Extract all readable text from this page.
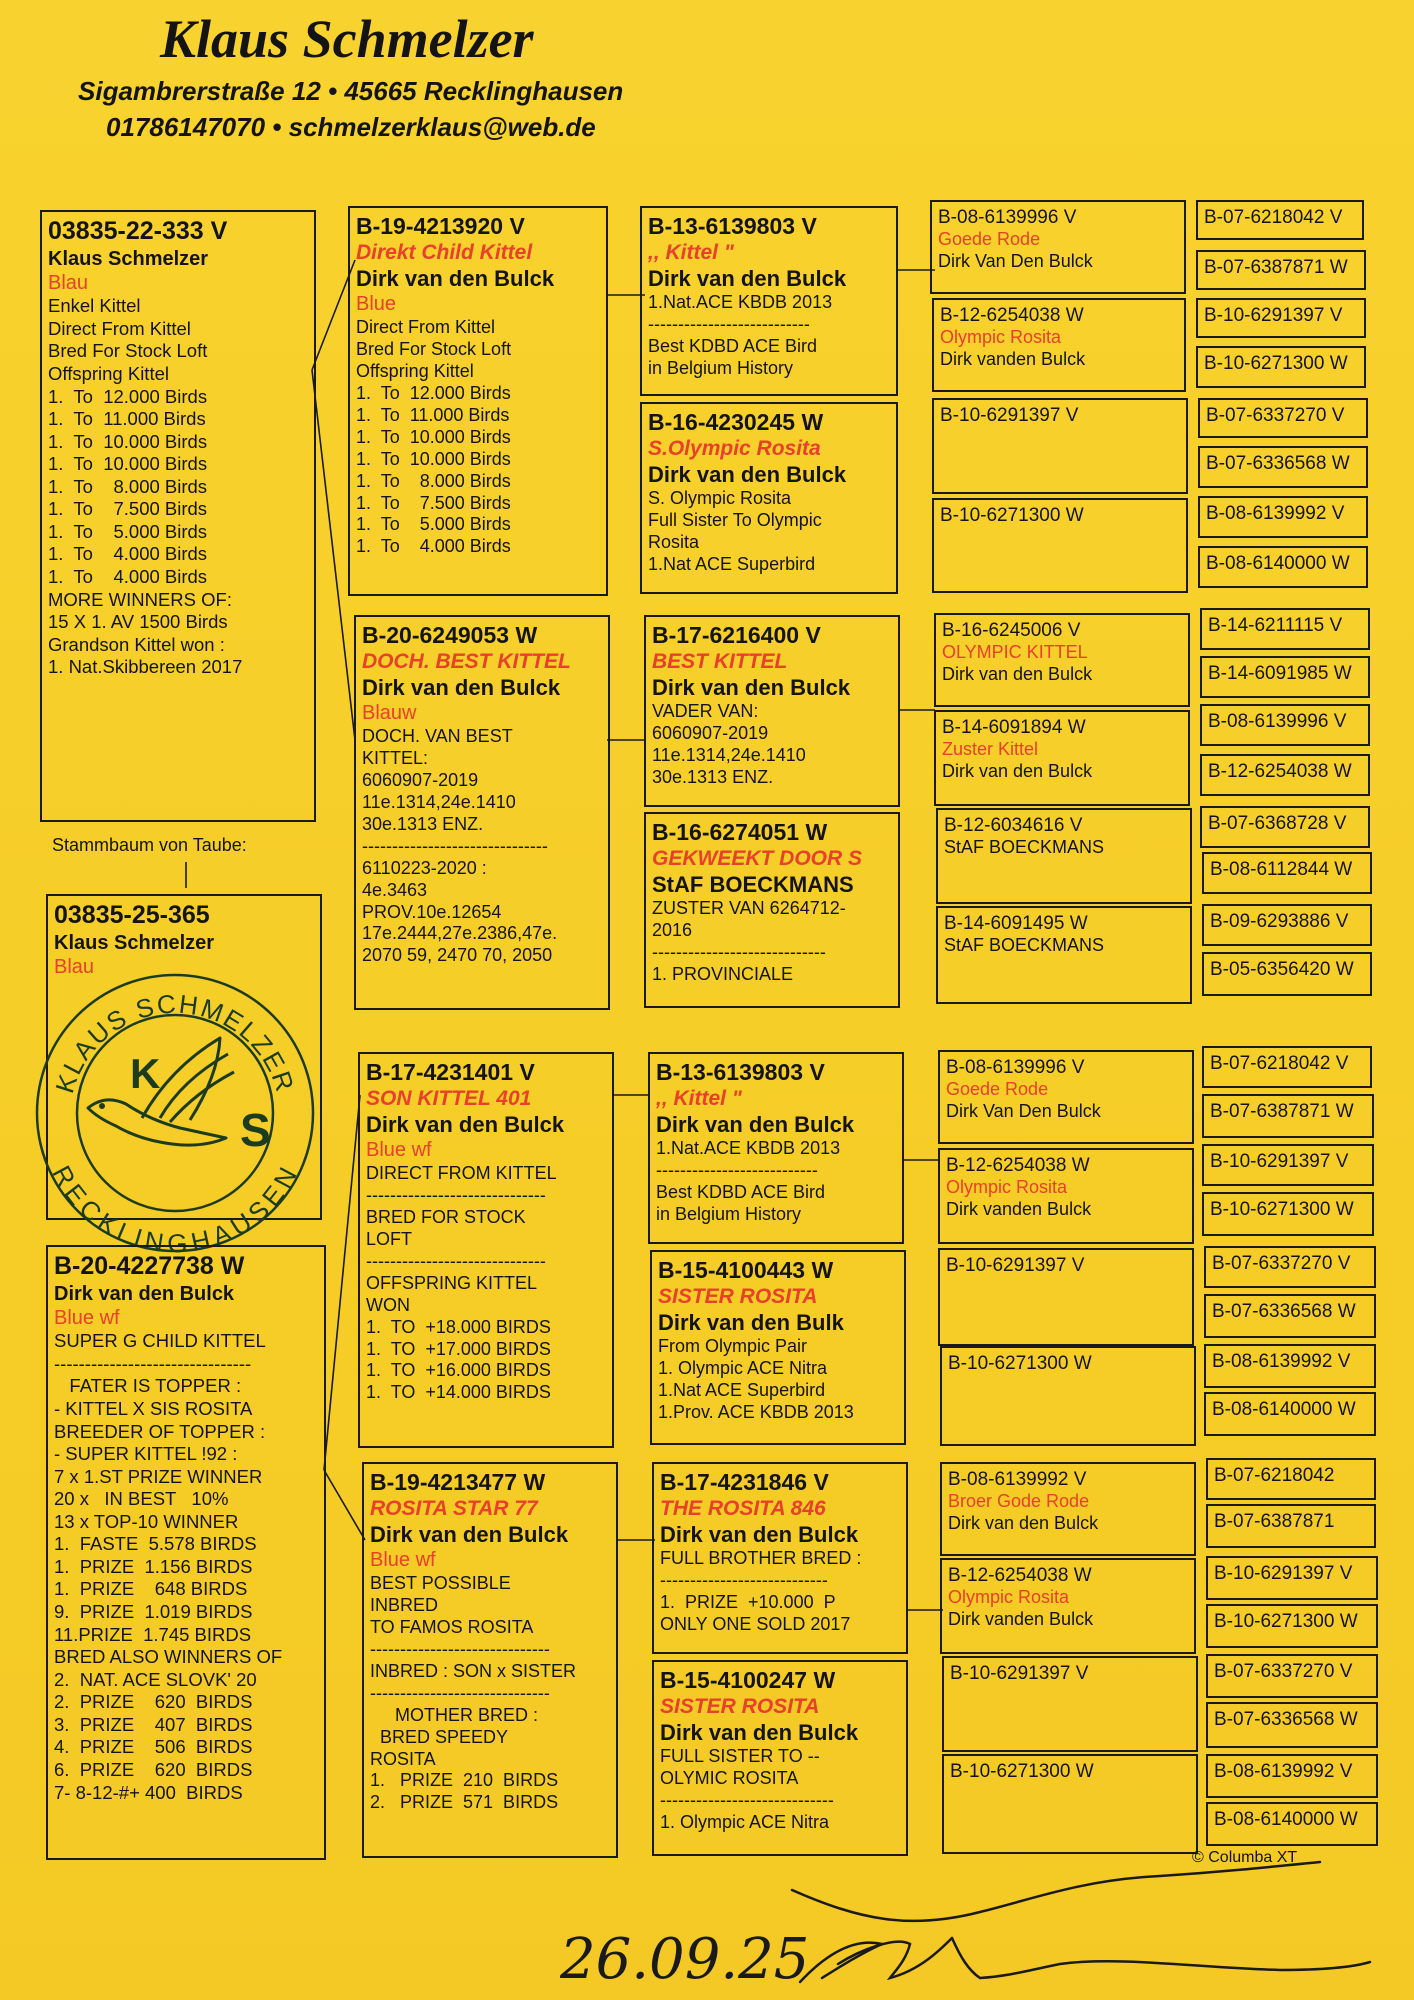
Klaus Schmelzer
Sigambrerstraße 12 • 45665 Recklinghausen
01786147070 • schmelzerklaus@web.de
03835-22-333 V
Klaus Schmelzer
Blau
Enkel Kittel
Direct From Kittel
Bred For Stock Loft
Offspring Kittel
1.  To  12.000 Birds
1.  To  11.000 Birds
1.  To  10.000 Birds
1.  To  10.000 Birds
1.  To    8.000 Birds
1.  To    7.500 Birds
1.  To    5.000 Birds
1.  To    4.000 Birds
1.  To    4.000 Birds
MORE WINNERS OF:
15 X 1. AV 1500 Birds
Grandson Kittel won :
1. Nat.Skibbereen 2017
Stammbaum von Taube:
03835-25-365
Klaus Schmelzer
Blau
KLAUS SCHMELZER
RECKLINGHAUSEN
K
S
B-20-4227738 W
Dirk van den Bulck
Blue wf
SUPER G CHILD KITTEL
--------------------------------
FATER IS TOPPER :
- KITTEL X SIS ROSITA
BREEDER OF TOPPER :
- SUPER KITTEL !92 :
7 x 1.ST PRIZE WINNER
20 x   IN BEST   10%
13 x TOP-10 WINNER
1.  FASTE  5.578 BIRDS
1.  PRIZE  1.156 BIRDS
1.  PRIZE    648 BIRDS
9.  PRIZE  1.019 BIRDS
11.PRIZE  1.745 BIRDS
BRED ALSO WINNERS OF
2.  NAT. ACE SLOVK' 20
2.  PRIZE    620  BIRDS
3.  PRIZE    407  BIRDS
4.  PRIZE    506  BIRDS
6.  PRIZE    620  BIRDS
7- 8-12-#+ 400  BIRDS
B-19-4213920 V
Direkt Child Kittel
Dirk van den Bulck
Blue
Direct From Kittel
Bred For Stock Loft
Offspring Kittel
1.  To  12.000 Birds
1.  To  11.000 Birds
1.  To  10.000 Birds
1.  To  10.000 Birds
1.  To    8.000 Birds
1.  To    7.500 Birds
1.  To    5.000 Birds
1.  To    4.000 Birds
B-20-6249053 W
DOCH. BEST KITTEL
Dirk van den Bulck
Blauw
DOCH. VAN BEST
KITTEL:
6060907-2019
11e.1314,24e.1410
30e.1313 ENZ.
-------------------------------
6110223-2020 :
4e.3463
PROV.10e.12654
17e.2444,27e.2386,47e.
2070 59, 2470 70, 2050
B-17-4231401 V
SON KITTEL 401
Dirk van den Bulck
Blue wf
DIRECT FROM KITTEL
------------------------------
BRED FOR STOCK
LOFT
------------------------------
OFFSPRING KITTEL
WON
1.  TO  +18.000 BIRDS
1.  TO  +17.000 BIRDS
1.  TO  +16.000 BIRDS
1.  TO  +14.000 BIRDS
B-19-4213477 W
ROSITA STAR 77
Dirk van den Bulck
Blue wf
BEST POSSIBLE
INBRED
TO FAMOS ROSITA
------------------------------
INBRED : SON x SISTER
------------------------------
MOTHER BRED :
BRED SPEEDY
ROSITA
1.   PRIZE  210  BIRDS
2.   PRIZE  571  BIRDS
B-13-6139803 V
,, Kittel "
Dirk van den Bulck
1.Nat.ACE KBDB 2013
---------------------------
Best KDBD ACE Bird
in Belgium History
B-16-4230245 W
S.Olympic Rosita
Dirk van den Bulck
S. Olympic Rosita
Full Sister To Olympic
Rosita
1.Nat ACE Superbird
B-17-6216400 V
BEST KITTEL
Dirk van den Bulck
VADER VAN:
6060907-2019
11e.1314,24e.1410
30e.1313 ENZ.
B-16-6274051 W
GEKWEEKT DOOR S
StAF BOECKMANS
ZUSTER VAN 6264712-
2016
-----------------------------
1. PROVINCIALE
B-13-6139803 V
,, Kittel "
Dirk van den Bulck
1.Nat.ACE KBDB 2013
---------------------------
Best KDBD ACE Bird
in Belgium History
B-15-4100443 W
SISTER ROSITA
Dirk van den Bulk
From Olympic Pair
1. Olympic ACE Nitra
1.Nat ACE Superbird
1.Prov. ACE KBDB 2013
B-17-4231846 V
THE ROSITA 846
Dirk van den Bulck
FULL BROTHER BRED :
----------------------------
1.  PRIZE  +10.000  P
ONLY ONE SOLD 2017
B-15-4100247 W
SISTER ROSITA
Dirk van den Bulck
FULL SISTER TO --
OLYMIC ROSITA
-----------------------------
1. Olympic ACE Nitra
B-08-6139996 V
Goede Rode
Dirk Van Den Bulck
B-12-6254038 W
Olympic Rosita
Dirk vanden Bulck
B-10-6291397 V
B-10-6271300 W
B-16-6245006 V
OLYMPIC KITTEL
Dirk van den Bulck
B-14-6091894 W
Zuster Kittel
Dirk van den Bulck
B-12-6034616 V
StAF BOECKMANS
B-14-6091495 W
StAF BOECKMANS
B-08-6139996 V
Goede Rode
Dirk Van Den Bulck
B-12-6254038 W
Olympic Rosita
Dirk vanden Bulck
B-10-6291397 V
B-10-6271300 W
B-08-6139992 V
Broer Gode Rode
Dirk van den Bulck
B-12-6254038 W
Olympic Rosita
Dirk vanden Bulck
B-10-6291397 V
B-10-6271300 W
B-07-6218042 V
B-07-6387871 W
B-10-6291397 V
B-10-6271300 W
B-07-6337270 V
B-07-6336568 W
B-08-6139992 V
B-08-6140000 W
B-14-6211115 V
B-14-6091985 W
B-08-6139996 V
B-12-6254038 W
B-07-6368728 V
B-08-6112844 W
B-09-6293886 V
B-05-6356420 W
B-07-6218042 V
B-07-6387871 W
B-10-6291397 V
B-10-6271300 W
B-07-6337270 V
B-07-6336568 W
B-08-6139992 V
B-08-6140000 W
B-07-6218042
B-07-6387871
B-10-6291397 V
B-10-6271300 W
B-07-6337270 V
B-07-6336568 W
B-08-6139992 V
B-08-6140000 W
© Columba XT
26.09.25
